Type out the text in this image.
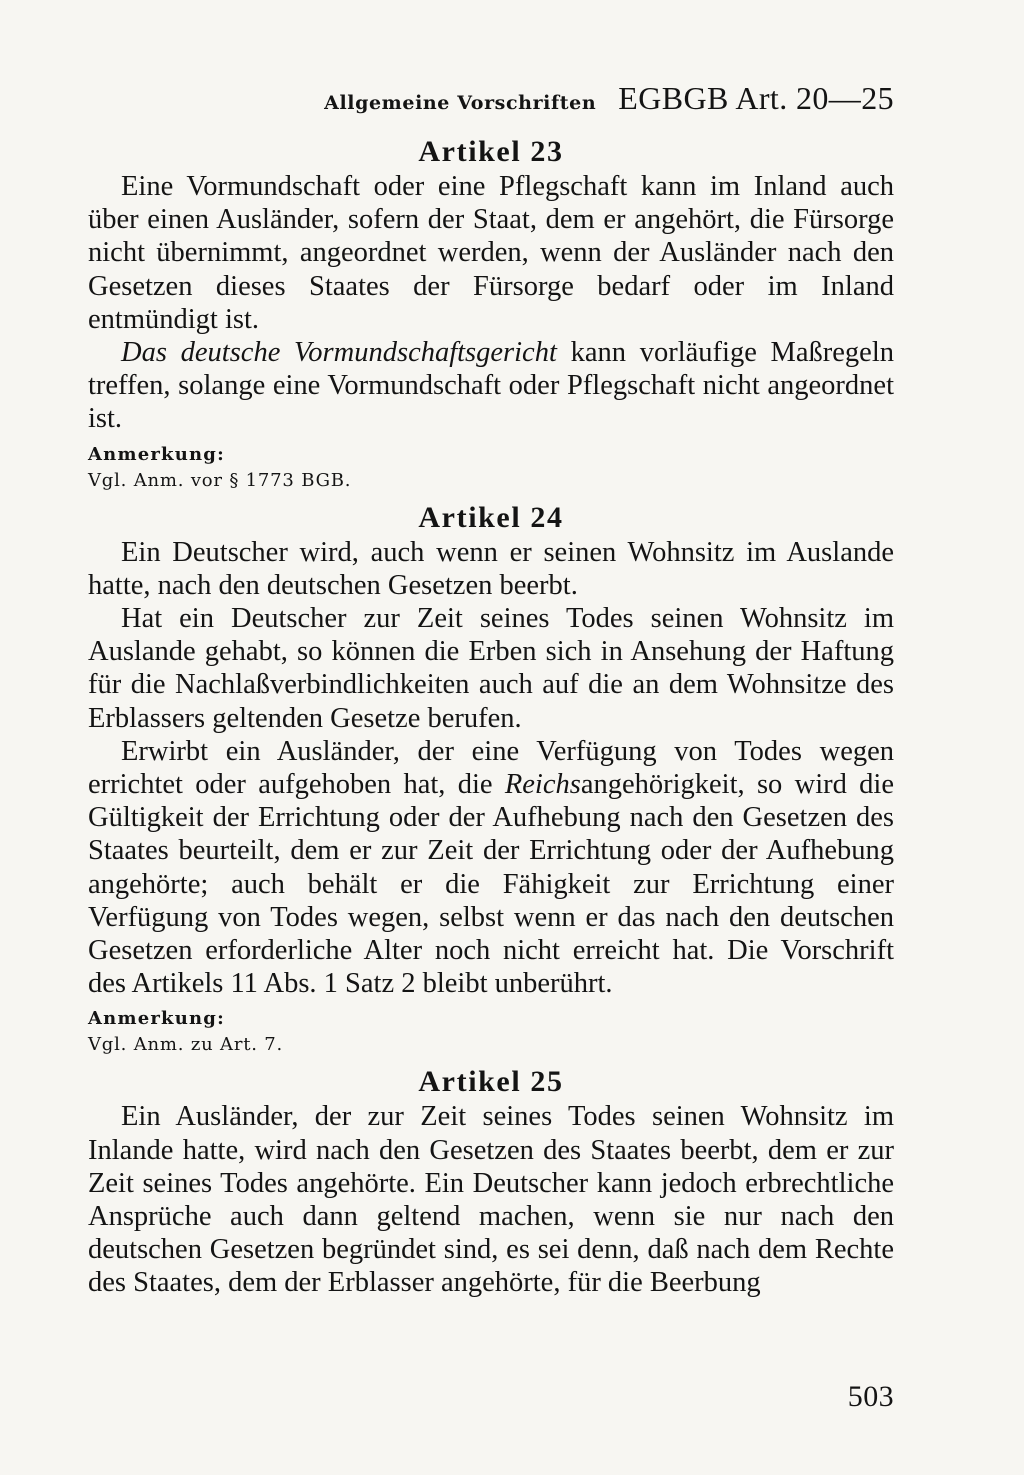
Allgemeine Vorschriften EGBGB Art. 20—25
Artikel 23

Eine Vormundschaft oder eine Pflegschaft kann im Inland auch über einen Ausländer, sofern der Staat, dem er angehört, die Fürsorge nicht übernimmt, angeordnet werden, wenn der Ausländer nach den Gesetzen dieses Staates der Fürsorge bedarf oder im Inland entmündigt ist.

Das deutsche Vormundschaftsgericht kann vorläufige Maßregeln treffen, solange eine Vormundschaft oder Pflegschaft nicht angeordnet ist.

Anmerkung:
Vgl. Anm. vor § 1773 BGB.
Artikel 24

Ein Deutscher wird, auch wenn er seinen Wohnsitz im Auslande hatte, nach den deutschen Gesetzen beerbt.

Hat ein Deutscher zur Zeit seines Todes seinen Wohnsitz im Auslande gehabt, so können die Erben sich in Ansehung der Haftung für die Nachlaßverbindlichkeiten auch auf die an dem Wohnsitze des Erblassers geltenden Gesetze berufen.

Erwirbt ein Ausländer, der eine Verfügung von Todes wegen errichtet oder aufgehoben hat, die Reichsangehörigkeit, so wird die Gültigkeit der Errichtung oder der Aufhebung nach den Gesetzen des Staates beurteilt, dem er zur Zeit der Errichtung oder der Aufhebung angehörte; auch behält er die Fähigkeit zur Errichtung einer Verfügung von Todes wegen, selbst wenn er das nach den deutschen Gesetzen erforderliche Alter noch nicht erreicht hat. Die Vorschrift des Artikels 11 Abs. 1 Satz 2 bleibt unberührt.

Anmerkung:
Vgl. Anm. zu Art. 7.
Artikel 25

Ein Ausländer, der zur Zeit seines Todes seinen Wohnsitz im Inlande hatte, wird nach den Gesetzen des Staates beerbt, dem er zur Zeit seines Todes angehörte. Ein Deutscher kann jedoch erbrechtliche Ansprüche auch dann geltend machen, wenn sie nur nach den deutschen Gesetzen begründet sind, es sei denn, daß nach dem Rechte des Staates, dem der Erblasser angehörte, für die Beerbung

503
